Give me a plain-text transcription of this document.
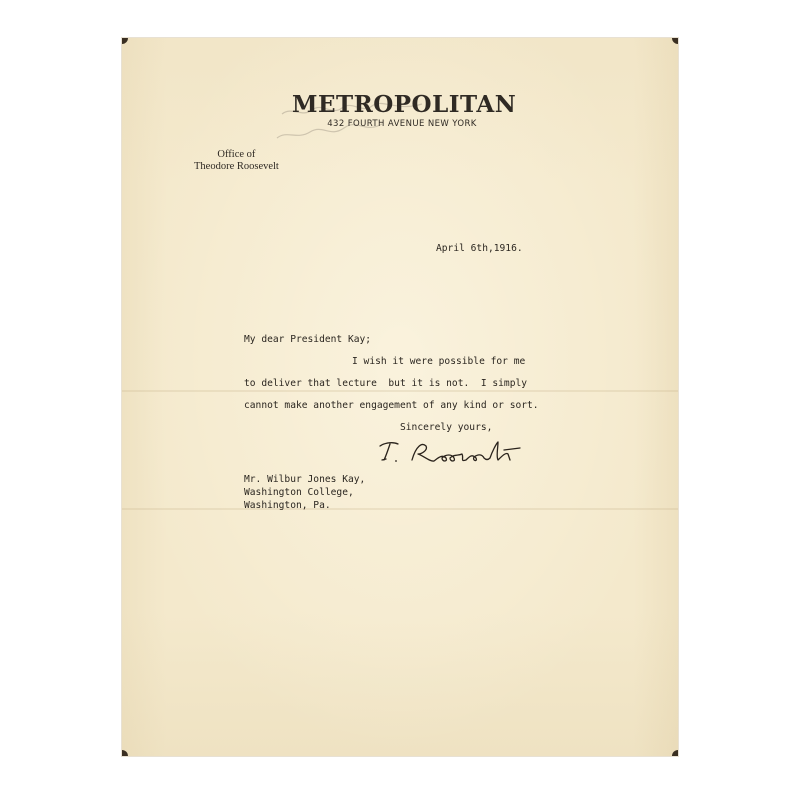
METROPOLITAN
432 FOURTH AVENUE NEW YORK
Office of
Theodore Roosevelt
April 6th,1916.
My dear President Kay;
I wish it were possible for me
to deliver that lecture  but it is not.  I simply
cannot make another engagement of any kind or sort.
Sincerely yours,
Mr. Wilbur Jones Kay,
Washington College,
Washington, Pa.
